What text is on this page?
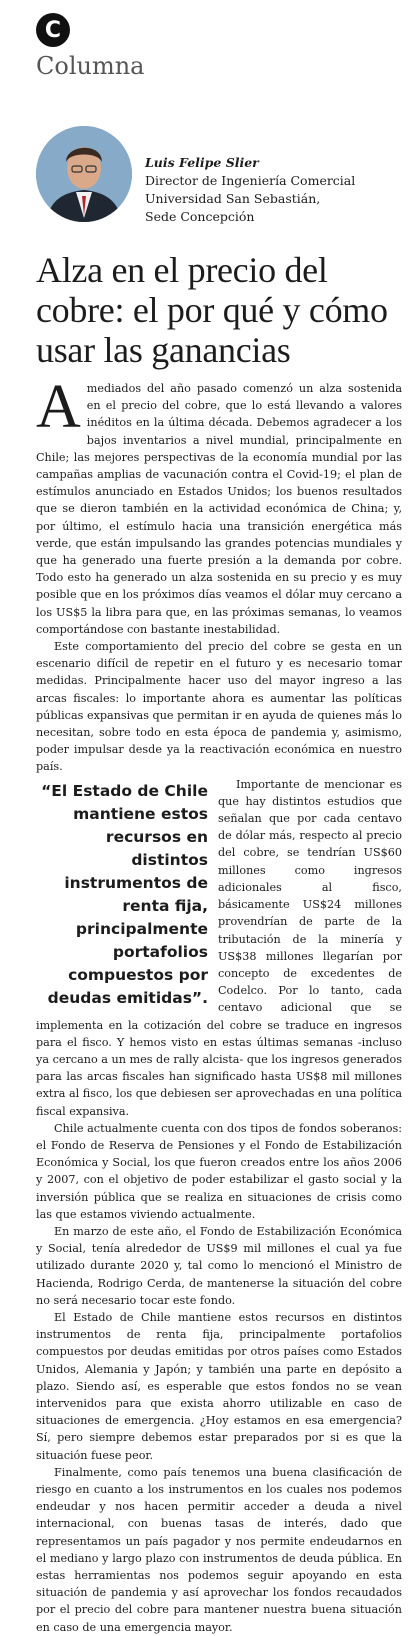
C
Columna
Luis Felipe Slier
Director de Ingeniería Comercial
Universidad San Sebastián,
Sede Concepción
Alza en el precio del cobre: el por qué y cómo usar las ganancias

Amediados del año pasado comenzó un alza sostenida en el precio del cobre, que lo está llevando a valores inéditos en la última década. Debemos agradecer a los bajos inventarios a nivel mundial, principalmente en Chile; las mejores perspectivas de la economía mundial por las campañas amplias de vacunación contra el Covid-19; el plan de estímulos anunciado en Estados Unidos; los buenos resultados que se dieron también en la actividad económica de China; y, por último, el estímulo hacia una transición energética más verde, que están impulsando las grandes potencias mundiales y que ha generado una fuerte presión a la demanda por cobre. Todo esto ha generado un alza sostenida en su precio y es muy posible que en los próximos días veamos el dólar muy cercano a los US$5 la libra para que, en las próximas semanas, lo veamos comportándose con bastante inestabilidad.

Este comportamiento del precio del cobre se gesta en un escenario difícil de repetir en el futuro y es necesario tomar medidas. Principalmente hacer uso del mayor ingreso a las arcas fiscales: lo importante ahora es aumentar las políticas públicas expansivas que permitan ir en ayuda de quienes más lo necesitan, sobre todo en esta época de pandemia y, asimismo, poder impulsar desde ya la reactivación económica en nuestro país.

“El Estado de Chile mantiene estos recursos en distintos instrumentos de renta fija, principalmente portafolios compuestos por deudas emitidas”.
Importante de mencionar es que hay distintos estudios que señalan que por cada centavo de dólar más, respecto al precio del cobre, se tendrían US$60 millones como ingresos adicionales al fisco, básicamente US$24 millones provendrían de parte de la tributación de la minería y US$38 millones llegarían por concepto de excedentes de Codelco. Por lo tanto, cada centavo adicional que se implementa en la cotización del cobre se traduce en ingresos para el fisco. Y hemos visto en estas últimas semanas -incluso ya cercano a un mes de rally alcista- que los ingresos generados para las arcas fiscales han significado hasta US$8 mil millones extra al fisco, los que debiesen ser aprovechadas en una política fiscal expansiva.

Chile actualmente cuenta con dos tipos de fondos soberanos: el Fondo de Reserva de Pensiones y el Fondo de Estabilización Económica y Social, los que fueron creados entre los años 2006 y 2007, con el objetivo de poder estabilizar el gasto social y la inversión pública que se realiza en situaciones de crisis como las que estamos viviendo actualmente.

En marzo de este año, el Fondo de Estabilización Económica y Social, tenía alrededor de US$9 mil millones el cual ya fue utilizado durante 2020 y, tal como lo mencionó el Ministro de Hacienda, Rodrigo Cerda, de mantenerse la situación del cobre no será necesario tocar este fondo.

El Estado de Chile mantiene estos recursos en distintos instrumentos de renta fija, principalmente portafolios compuestos por deudas emitidas por otros países como Estados Unidos, Alemania y Japón; y también una parte en depósito a plazo. Siendo así, es esperable que estos fondos no se vean intervenidos para que exista ahorro utilizable en caso de situaciones de emergencia. ¿Hoy estamos en esa emergencia? Sí, pero siempre debemos estar preparados por si es que la situación fuese peor.

Finalmente, como país tenemos una buena clasificación de riesgo en cuanto a los instrumentos en los cuales nos podemos endeudar y nos hacen permitir acceder a deuda a nivel internacional, con buenas tasas de interés, dado que representamos un país pagador y nos permite endeudarnos en el mediano y largo plazo con instrumentos de deuda pública. En estas herramientas nos podemos seguir apoyando en esta situación de pandemia y así aprovechar los fondos recaudados por el precio del cobre para mantener nuestra buena situación en caso de una emergencia mayor.
